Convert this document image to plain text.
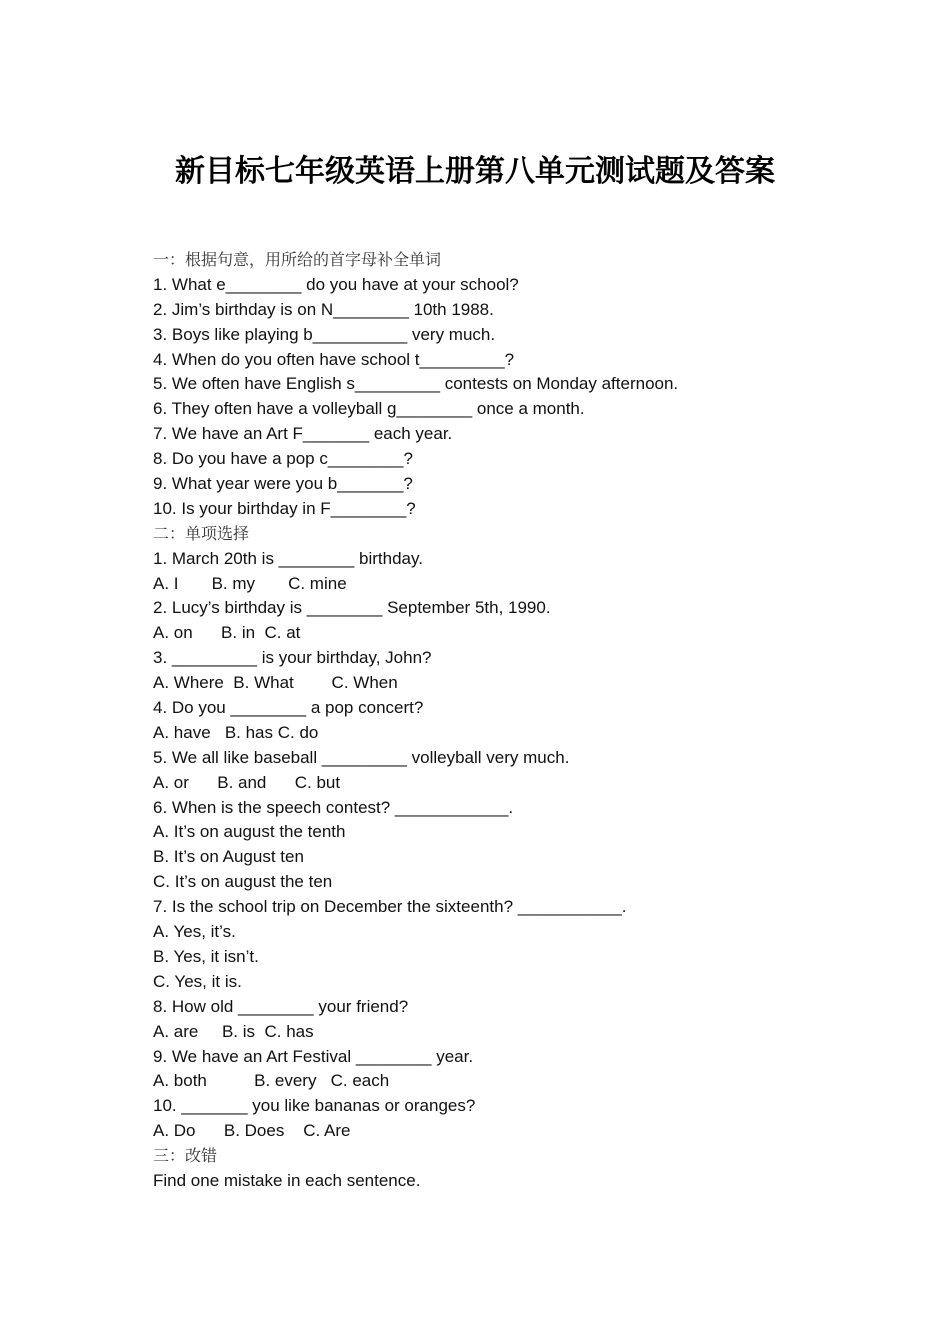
新目标七年级英语上册第八单元测试题及答案
一：根据句意，用所给的首字母补全单词
1. What e________ do you have at your school?
2. Jim’s birthday is on N________ 10th 1988.
3. Boys like playing b__________ very much.
4. When do you often have school t_________?
5. We often have English s_________ contests on Monday afternoon.
6. They often have a volleyball g________ once a month.
7. We have an Art F_______ each year.
8. Do you have a pop c________?
9. What year were you b_______?
10. Is your birthday in F________?
二：单项选择
1. March 20th is ________ birthday.
A. I       B. my       C. mine
2. Lucy’s birthday is ________ September 5th, 1990.
A. on      B. in  C. at
3. _________ is your birthday, John?
A. Where  B. What        C. When
4. Do you ________ a pop concert?
A. have   B. has C. do
5. We all like baseball _________ volleyball very much.
A. or      B. and      C. but
6. When is the speech contest? ____________.
A. It’s on august the tenth
B. It’s on August ten
C. It’s on august the ten
7. Is the school trip on December the sixteenth? ___________.
A. Yes, it’s.
B. Yes, it isn’t.
C. Yes, it is.
8. How old ________ your friend?
A. are     B. is  C. has
9. We have an Art Festival ________ year.
A. both          B. every   C. each
10. _______ you like bananas or oranges?
A. Do      B. Does    C. Are
三：改错
Find one mistake in each sentence.
